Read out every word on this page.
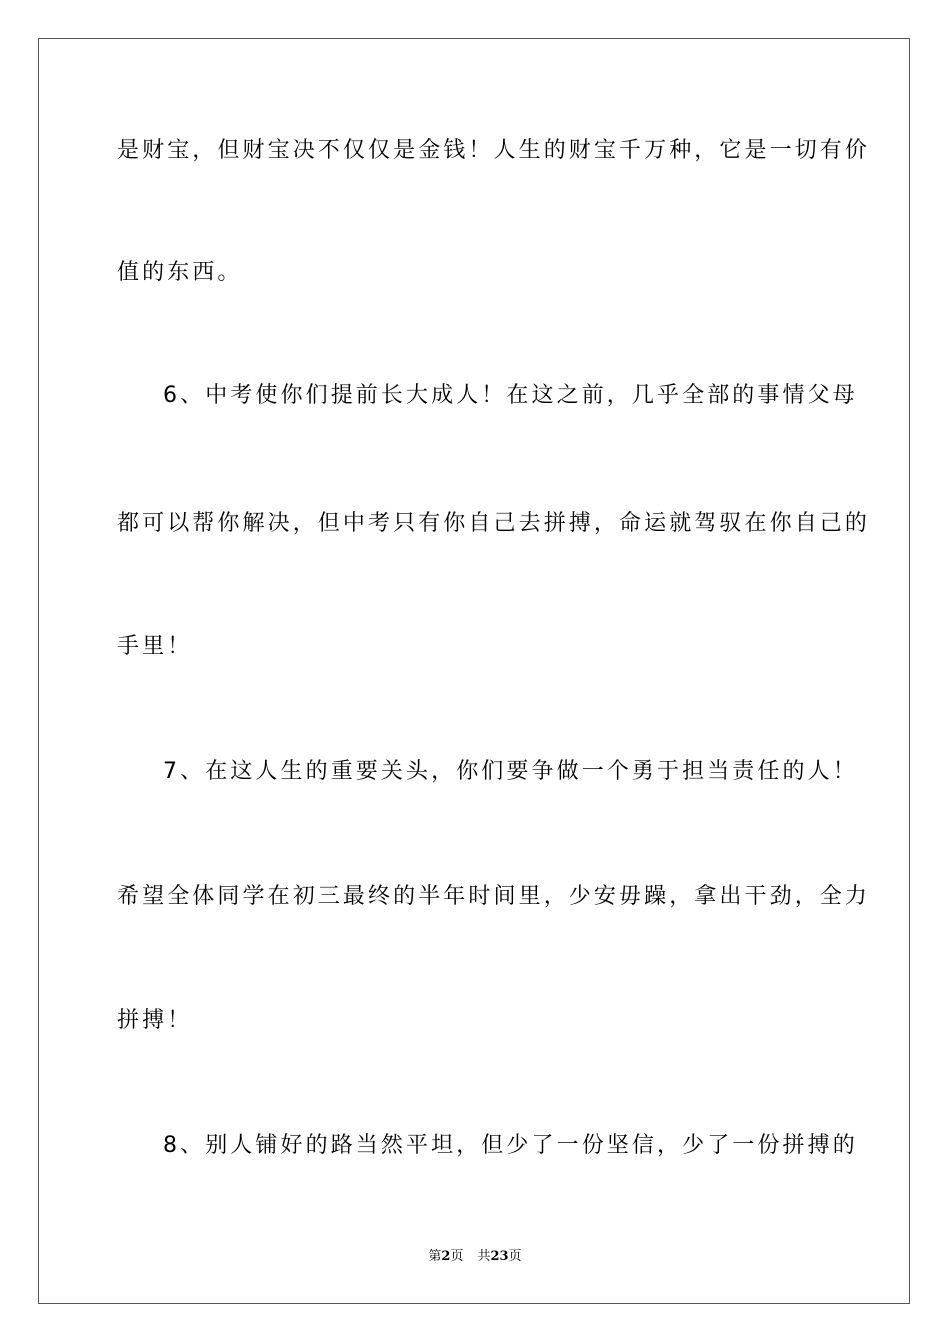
是财宝，但财宝决不仅仅是金钱！人生的财宝千万种，它是一切有价
值的东西。
6、中考使你们提前长大成人！在这之前，几乎全部的事情父母
都可以帮你解决，但中考只有你自己去拼搏，命运就驾驭在你自己的
手里！
7、在这人生的重要关头，你们要争做一个勇于担当责任的人！
希望全体同学在初三最终的半年时间里，少安毋躁，拿出干劲，全力
拼搏！
8、别人铺好的路当然平坦，但少了一份坚信，少了一份拼搏的
第2页 共23页
